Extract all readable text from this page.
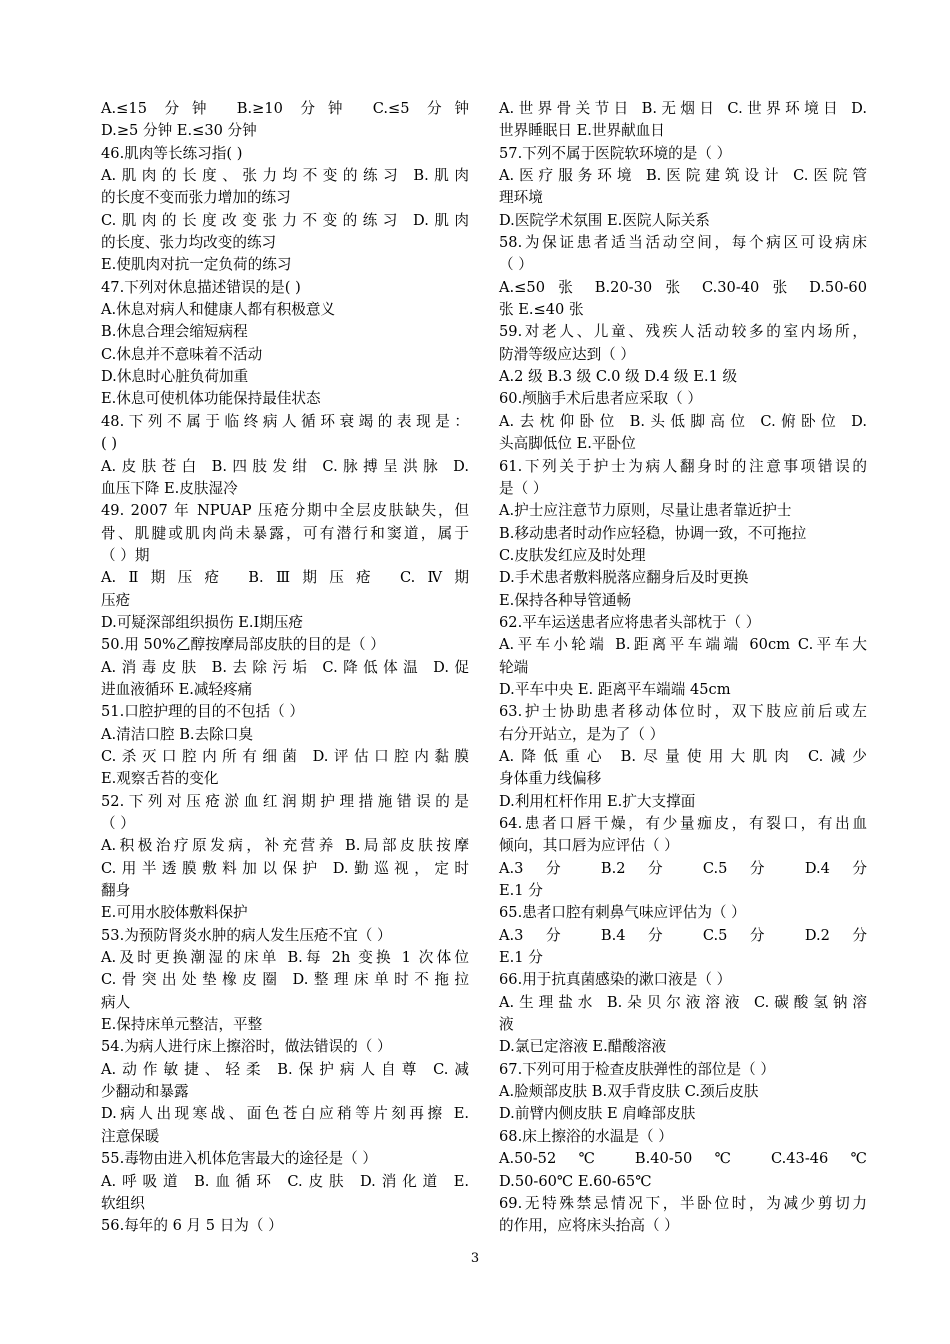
A.≤15 分钟 B.≥10 分钟 C.≤5 分钟
D.≥5 分钟 E.≤30 分钟
46.肌肉等长练习指( )
A.肌肉的长度、张力均不变的练习 B.肌肉
的长度不变而张力增加的练习
C.肌肉的长度改变张力不变的练习 D.肌肉
的长度、张力均改变的练习
E.使肌肉对抗一定负荷的练习
47.下列对休息描述错误的是( )
A.休息对病人和健康人都有积极意义
B.休息合理会缩短病程
C.休息并不意味着不活动
D.休息时心脏负荷加重
E.休息可使机体功能保持最佳状态
48.下列不属于临终病人循环衰竭的表现是：
( )
A.皮肤苍白 B.四肢发绀 C.脉搏呈洪脉 D.
血压下降 E.皮肤湿冷
49. 2007 年 NPUAP 压疮分期中全层皮肤缺失，但
骨、肌腱或肌肉尚未暴露，可有潜行和窦道，属于
（ ）期
A.Ⅱ期压疮 B.Ⅲ期压疮 C.Ⅳ期
压疮
D.可疑深部组织损伤 E.Ⅰ期压疮
50.用 50%乙醇按摩局部皮肤的目的是（ ）
A.消毒皮肤 B.去除污垢 C.降低体温 D.促
进血液循环 E.减轻疼痛
51.口腔护理的目的不包括（ ）
A.清洁口腔 B.去除口臭
C.杀灭口腔内所有细菌 D.评估口腔内黏膜
E.观察舌苔的变化
52.下列对压疮淤血红润期护理措施错误的是
（ ）
A.积极治疗原发病，补充营养 B.局部皮肤按摩
C.用半透膜敷料加以保护 D.勤巡视，定时
翻身
E.可用水胶体敷料保护
53.为预防肾炎水肿的病人发生压疮不宜（ ）
A.及时更换潮湿的床单 B.每 2h 变换 1 次体位
C.骨突出处垫橡皮圈 D.整理床单时不拖拉
病人
E.保持床单元整洁，平整
54.为病人进行床上擦浴时，做法错误的（ ）
A.动作敏捷、轻柔 B.保护病人自尊 C.减
少翻动和暴露
D.病人出现寒战、面色苍白应稍等片刻再擦 E.
注意保暖
55.毒物由进入机体危害最大的途径是（ ）
A.呼吸道 B.血循环 C.皮肤 D.消化道 E.
软组织
56.每年的 6 月 5 日为（ ）
A.世界骨关节日 B.无烟日 C.世界环境日 D.
世界睡眠日 E.世界献血日
57.下列不属于医院软环境的是（ ）
A.医疗服务环境 B.医院建筑设计 C.医院管
理环境
D.医院学术氛围 E.医院人际关系
58.为保证患者适当活动空间，每个病区可设病床
（ ）
A.≤50 张 B.20-30 张 C.30-40 张 D.50-60
张 E.≤40 张
59.对老人、儿童、残疾人活动较多的室内场所，
防滑等级应达到（ ）
A.2 级 B.3 级 C.0 级 D.4 级 E.1 级
60.颅脑手术后患者应采取（ ）
A.去枕仰卧位 B.头低脚高位 C.俯卧位 D.
头高脚低位 E.平卧位
61.下列关于护士为病人翻身时的注意事项错误的
是（ ）
A.护士应注意节力原则，尽量让患者靠近护士
B.移动患者时动作应轻稳，协调一致，不可拖拉
C.皮肤发红应及时处理
D.手术患者敷料脱落应翻身后及时更换
E.保持各种导管通畅
62.平车运送患者应将患者头部枕于（ ）
A.平车小轮端 B.距离平车端端 60cm C.平车大
轮端
D.平车中央 E. 距离平车端端 45cm
63.护士协助患者移动体位时，双下肢应前后或左
右分开站立，是为了（ ）
A.降低重心 B.尽量使用大肌肉 C.减少
身体重力线偏移
D.利用杠杆作用 E.扩大支撑面
64.患者口唇干燥，有少量痂皮，有裂口，有出血
倾向，其口唇为应评估（ ）
A.3 分 B.2 分 C.5 分 D.4 分
E.1 分
65.患者口腔有刺鼻气味应评估为（ ）
A.3 分 B.4 分 C.5 分 D.2 分
E.1 分
66.用于抗真菌感染的漱口液是（ ）
A.生理盐水 B.朵贝尔液溶液 C.碳酸氢钠溶
液
D.氯已定溶液 E.醋酸溶液
67.下列可用于检查皮肤弹性的部位是（ ）
A.脸颊部皮肤 B.双手背皮肤 C.颈后皮肤
D.前臂内侧皮肤 E 肩峰部皮肤
68.床上擦浴的水温是（ ）
A.50-52 ℃ B.40-50 ℃ C.43-46 ℃
D.50-60℃ E.60-65℃
69.无特殊禁忌情况下，半卧位时，为减少剪切力
的作用，应将床头抬高（ ）
3
